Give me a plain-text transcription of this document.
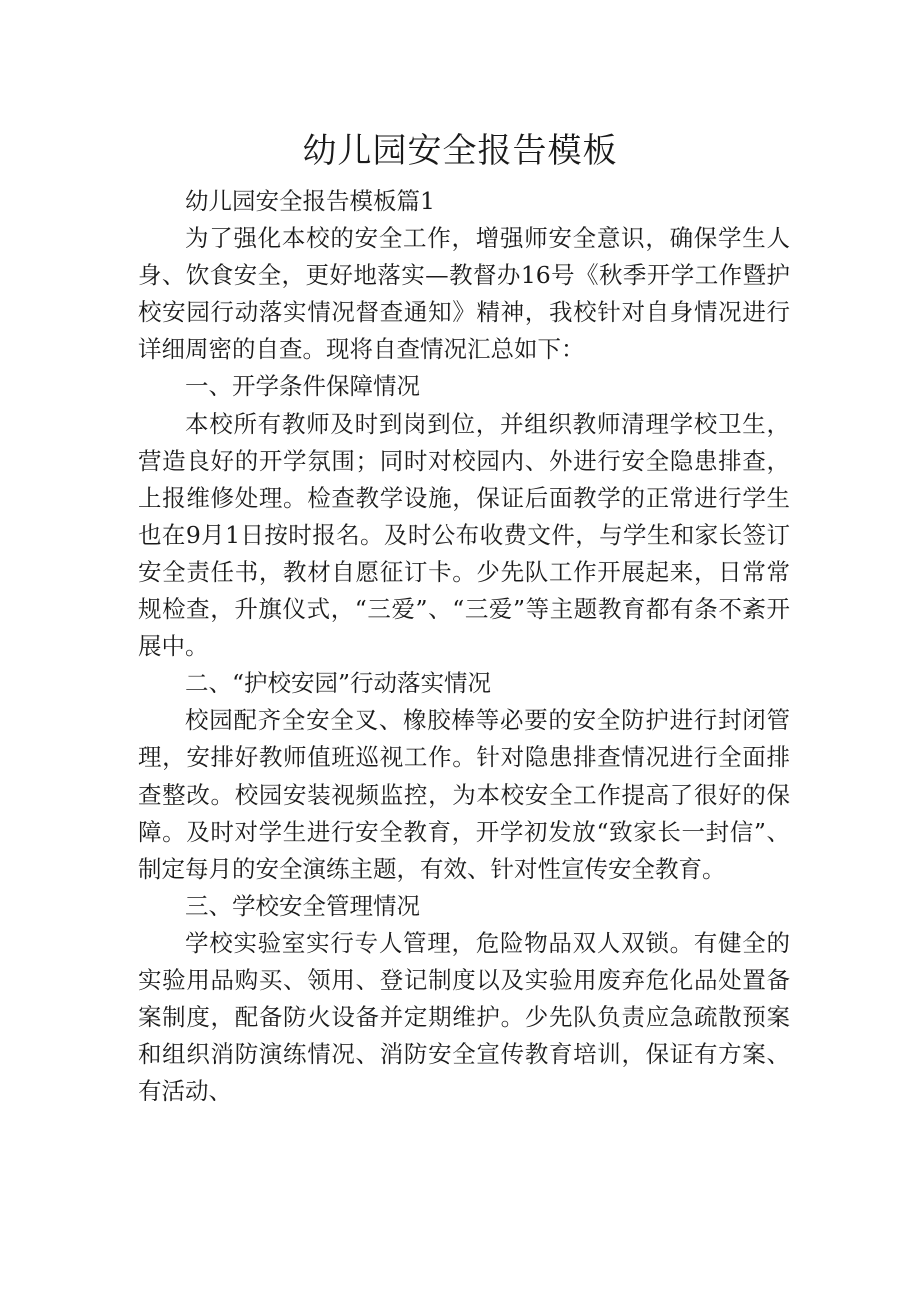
幼儿园安全报告模板

幼儿园安全报告模板篇1

为了强化本校的安全工作，增强师安全意识，确保学生人身、饮食安全，更好地落实—教督办16号《秋季开学工作暨护校安园行动落实情况督查通知》精神，我校针对自身情况进行详细周密的自查。现将自查情况汇总如下：

一、开学条件保障情况

本校所有教师及时到岗到位，并组织教师清理学校卫生，营造良好的开学氛围；同时对校园内、外进行安全隐患排查，上报维修处理。检查教学设施，保证后面教学的正常进行学生也在9月1日按时报名。及时公布收费文件，与学生和家长签订安全责任书，教材自愿征订卡。少先队工作开展起来，日常常规检查，升旗仪式，“三爱”、“三爱”等主题教育都有条不紊开展中。

二、“护校安园”行动落实情况

校园配齐全安全叉、橡胶棒等必要的安全防护进行封闭管理，安排好教师值班巡视工作。针对隐患排查情况进行全面排查整改。校园安装视频监控，为本校安全工作提高了很好的保障。及时对学生进行安全教育，开学初发放“致家长一封信”、制定每月的安全演练主题，有效、针对性宣传安全教育。

三、学校安全管理情况

学校实验室实行专人管理，危险物品双人双锁。有健全的实验用品购买、领用、登记制度以及实验用废弃危化品处置备案制度，配备防火设备并定期维护。少先队负责应急疏散预案和组织消防演练情况、消防安全宣传教育培训，保证有方案、有活动、
